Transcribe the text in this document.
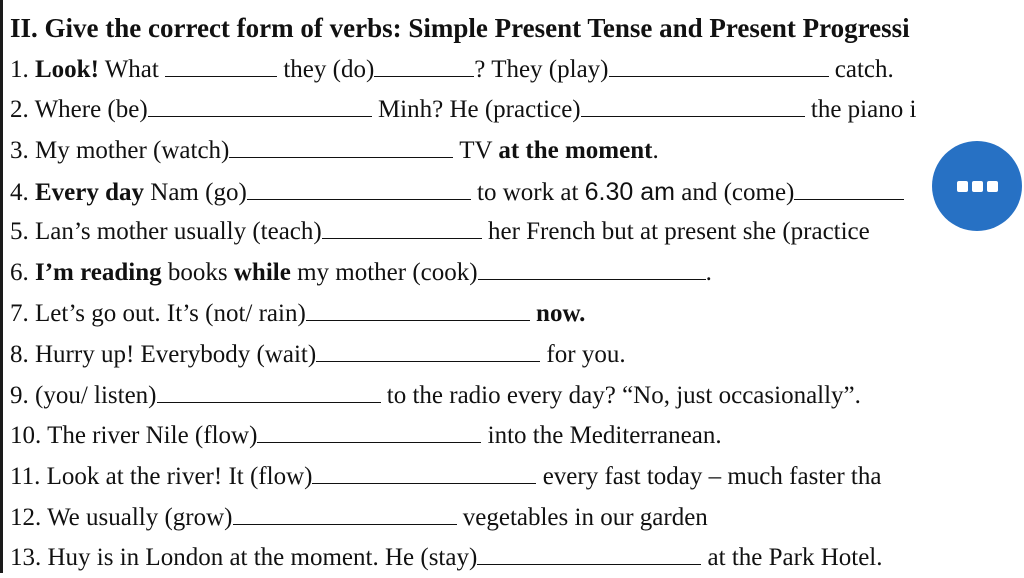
II. Give the correct form of verbs: Simple Present Tense and Present Progressi
1. Look! What	they (do)	? They (play)	catch.
2. Where (be)	Minh? He (practice)	the piano i
3. My mother (watch)	TV at the moment.
4. Every day Nam (go)	to work at 6.30 am and (come)
5. Lan’s mother usually (teach)	her French but at present she (practice
6. I’m reading books while my mother (cook)	.
7. Let’s go out. It’s (not/ rain)	now.
8. Hurry up! Everybody (wait)	for you.
9. (you/ listen)	to the radio every day? “No, just occasionally”.
10. The river Nile (flow)	into the Mediterranean.
11. Look at the river! It (flow)	every fast today – much faster tha
12. We usually (grow)	vegetables in our garden
13. Huy is in London at the moment. He (stay)	at the Park Hotel.
